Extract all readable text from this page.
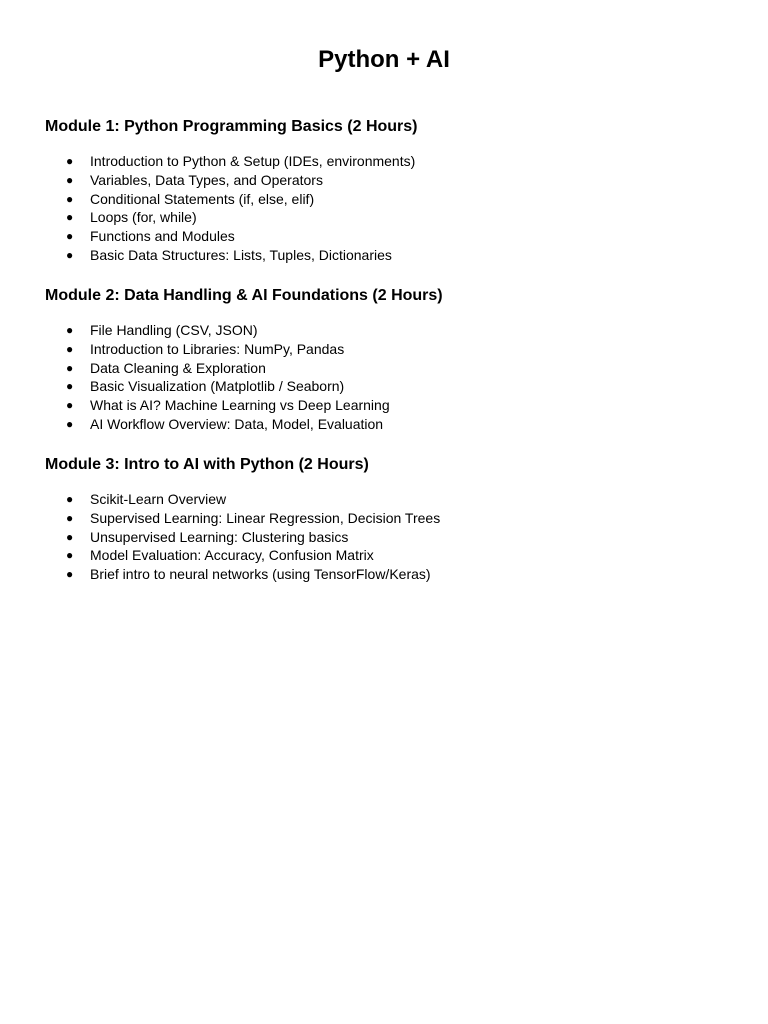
Python + AI
Module 1: Python Programming Basics (2 Hours)
● Introduction to Python & Setup (IDEs, environments)
● Variables, Data Types, and Operators
● Conditional Statements (if, else, elif)
● Loops (for, while)
● Functions and Modules
● Basic Data Structures: Lists, Tuples, Dictionaries
Module 2: Data Handling & AI Foundations (2 Hours)
● File Handling (CSV, JSON)
● Introduction to Libraries: NumPy, Pandas
● Data Cleaning & Exploration
● Basic Visualization (Matplotlib / Seaborn)
● What is AI? Machine Learning vs Deep Learning
● AI Workflow Overview: Data, Model, Evaluation
Module 3: Intro to AI with Python (2 Hours)
● Scikit-Learn Overview
● Supervised Learning: Linear Regression, Decision Trees
● Unsupervised Learning: Clustering basics
● Model Evaluation: Accuracy, Confusion Matrix
● Brief intro to neural networks (using TensorFlow/Keras)
